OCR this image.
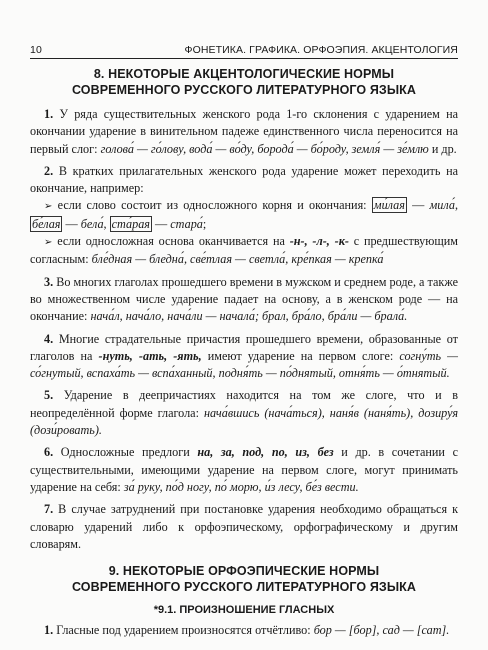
10	ФОНЕТИКА. ГРАФИКА. ОРФОЭПИЯ. АКЦЕНТОЛОГИЯ
8. НЕКОТОРЫЕ АКЦЕНТОЛОГИЧЕСКИЕ НОРМЫ
СОВРЕМЕННОГО РУССКОГО ЛИТЕРАТУРНОГО ЯЗЫКА

1. У ряда существительных женского рода 1-го склонения с ударением на окончании ударение в винительном падеже единственного числа переносится на первый слог: голова́ — го́лову, вода́ — во́ду, борода́ — бо́роду, земля́ — зе́млю и др.

2. В кратких прилагательных женского рода ударение может переходить на окончание, например:

➢ если слово состоит из односложного корня и окончания: ми́лая — мила́, бе́лая — бела́, ста́рая — стара́;

➢ если односложная основа оканчивается на -н-, -л-, -к- с предшествующим согласным: бле́дная — бледна́, све́тлая — светла́, кре́пкая — крепка́

3. Во многих глаголах прошедшего времени в мужском и среднем роде, а также во множественном числе ударение падает на основу, а в женском роде — на окончание: нача́л, нача́ло, нача́ли — начала́; брал, бра́ло, бра́ли — брала́.

4. Многие страдательные причастия прошедшего времени, образованные от глаголов на -нуть, -ать, -ять, имеют ударение на первом слоге: согну́ть — со́гнутый, вспаха́ть — вспа́ханный, подня́ть — по́днятый, отня́ть — о́тнятый.

5. Ударение в деепричастиях находится на том же слоге, что и в неопределённой форме глагола: нача́вшись (нача́ться), наня́в (наня́ть), дозиру́я (дози́ровать).

6. Односложные предлоги на, за, под, по, из, без и др. в сочетании с существительными, имеющими ударение на первом слоге, могут принимать ударение на себя: за́ руку, по́д ногу, по́ морю, и́з лесу, бе́з вести.

7. В случае затруднений при постановке ударения необходимо обращаться к словарю ударений либо к орфоэпическому, орфографическому и другим словарям.

9. НЕКОТОРЫЕ ОРФОЭПИЧЕСКИЕ НОРМЫ
СОВРЕМЕННОГО РУССКОГО ЛИТЕРАТУРНОГО ЯЗЫКА
*9.1. ПРОИЗНОШЕНИЕ ГЛАСНЫХ

1. Гласные под ударением произносятся отчётливо: бор — [бор], сад — [сат].
